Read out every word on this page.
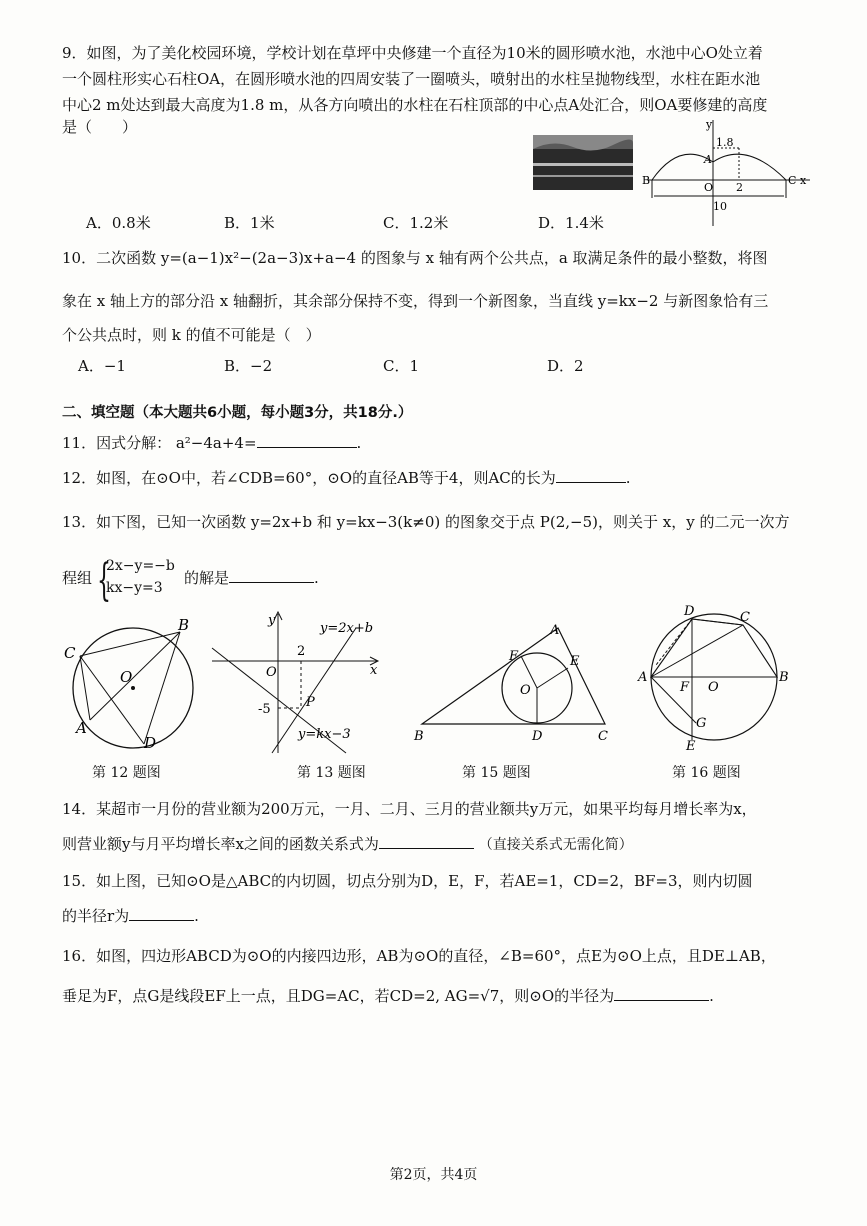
9．如图，为了美化校园环境，学校计划在草坪中央修建一个直径为10米的圆形喷水池，水池中心O处立着
一个圆柱形实心石柱OA，在圆形喷水池的四周安装了一圈喷头，喷射出的水柱呈抛物线型，水柱在距水池
中心2 m处达到最大高度为1.8 m，从各方向喷出的水柱在石柱顶部的中心点A处汇合，则OA要修建的高度
是（　　）	y
1.8
A
B
O 2
C x
10
A．0.8米	B．1米	C．1.2米	D．1.4米
10．二次函数 y=(a−1)x²−(2a−3)x+a−4 的图象与 x 轴有两个公共点，a 取满足条件的最小整数，将图
象在 x 轴上方的部分沿 x 轴翻折，其余部分保持不变，得到一个新图象，当直线 y=kx−2 与新图象恰有三
个公共点时，则 k 的值不可能是（　）
A．−1	B．−2	C．1	D．2
二、填空题（本大题共6小题，每小题3分，共18分.）
11．因式分解： a²−4a+4=	.
12．如图，在⊙O中，若∠CDB=60°，⊙O的直径AB等于4，则AC的长为	.
13．如下图，已知一次函数 y=2x+b 和 y=kx−3(k≠0) 的图象交于点 P(2,−5)，则关于 x，y 的二元一次方
程组 {
2x−y=−b
kx−y=3
的解是	.
C
B
O
A
D
第 12 题图
y
x
O
2
-5	P
y=2x+b
y=kx−3
第 13 题图
A
F	E
O
B	D	C
第 15 题图
D	C
A
F O
B
G
E
第 16 题图
14．某超市一月份的营业额为200万元，一月、二月、三月的营业额共y万元，如果平均每月增长率为x，
则营业额y与月平均增长率x之间的函数关系式为	（直接关系式无需化简）
15．如上图，已知⊙O是△ABC的内切圆，切点分别为D，E，F，若AE=1，CD=2，BF=3，则内切圆
的半径r为	.
16．如图，四边形ABCD为⊙O的内接四边形，AB为⊙O的直径，∠B=60°，点E为⊙O上点，且DE⊥AB，
垂足为F，点G是线段EF上一点，且DG=AC，若CD=2, AG=√7，则⊙O的半径为	.
第2页，共4页
